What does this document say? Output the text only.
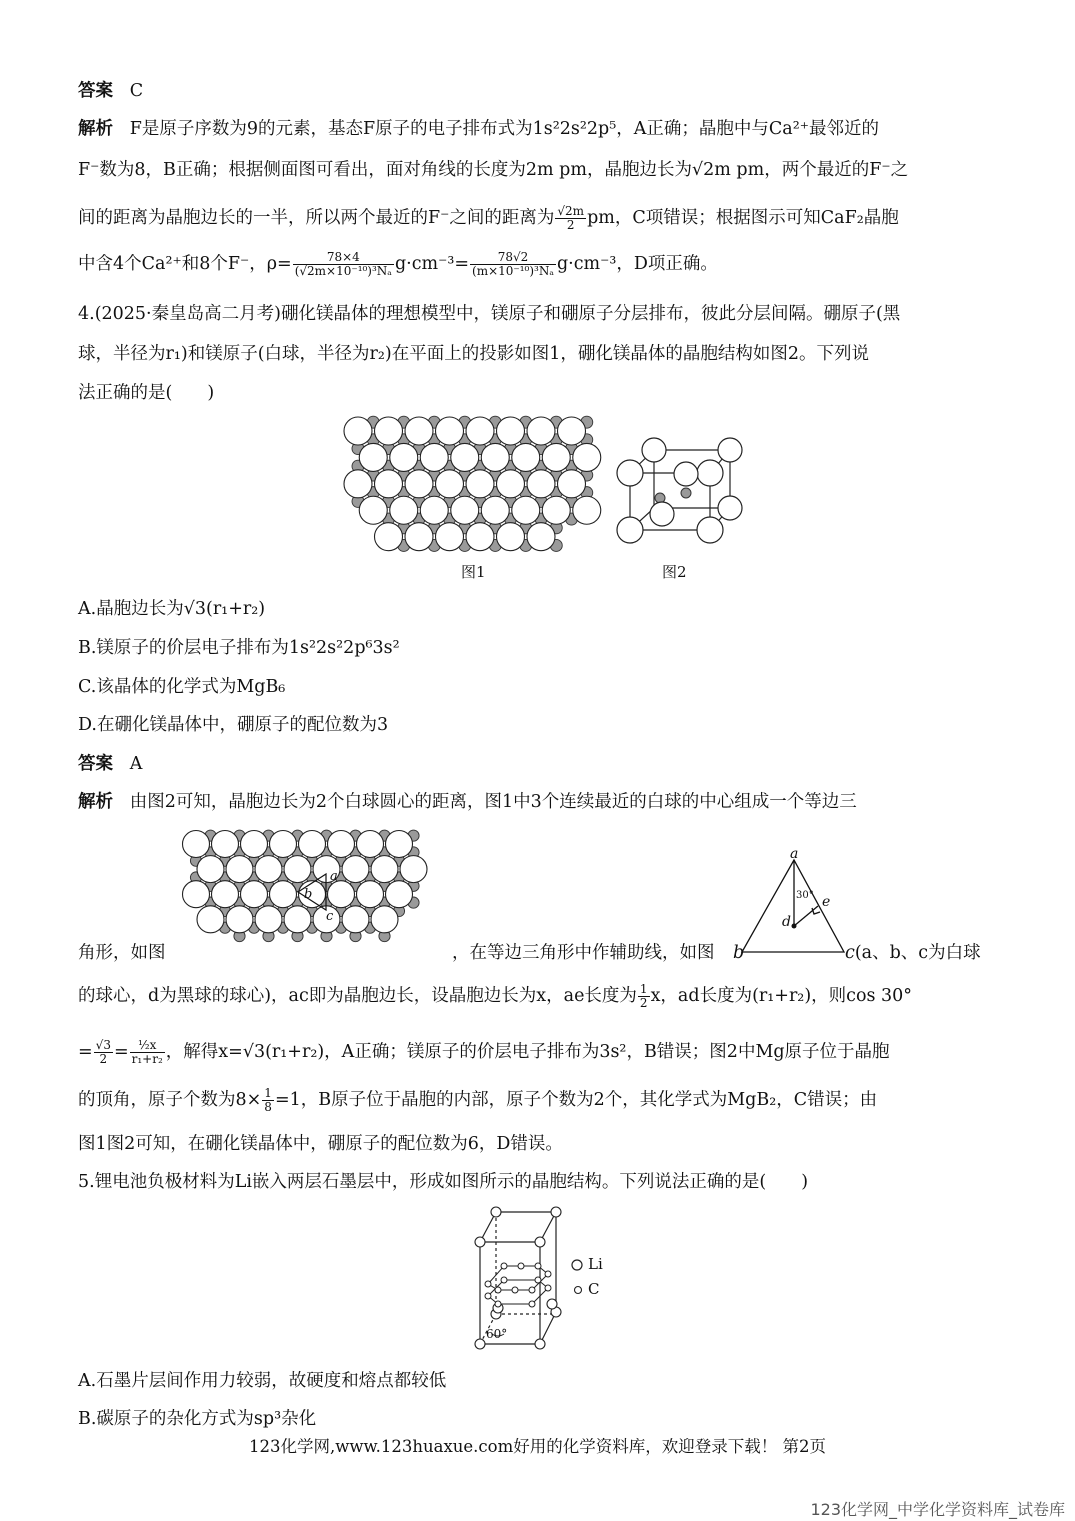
答案 C
解析 F是原子序数为9的元素，基态F原子的电子排布式为1s²2s²2p⁵，A正确；晶胞中与Ca²⁺最邻近的
F⁻数为8，B正确；根据侧面图可看出，面对角线的长度为2m pm，晶胞边长为√2m pm，两个最近的F⁻之
间的距离为晶胞边长的一半，所以两个最近的F⁻之间的距离为 $\frac{√2m}{2}$ pm，C项错误；根据图示可知CaF₂晶胞
中含4个Ca²⁺和8个F⁻，$\rho= \frac{78\times 4}{\text{(√2m×10⁻¹⁰)³Nₐ}} g\cdot cm^{-3}= \frac{78√2}{\text{(m×10⁻¹⁰)³Nₐ}} g\cdot cm^{-3}$，D项正确。
4.(2025·秦皇岛高二月考)硼化镁晶体的理想模型中，镁原子和硼原子分层排布，彼此分层间隔。硼原子(黑
球，半径为r₁)和镁原子(白球，半径为r₂)在平面上的投影如图1，硼化镁晶体的晶胞结构如图2。下列说
法正确的是(　　)
图1	图2
A.晶胞边长为√3(r₁+r₂)
B.镁原子的价层电子排布为1s²2s²2p⁶3s²
C.该晶体的化学式为MgB₆
D.在硼化镁晶体中，硼原子的配位数为3
答案 A
解析 由图2可知，晶胞边长为2个白球圆心的距离，图1中3个连续最近的白球的中心组成一个等边三
a
b
c
角形，如图	，在等边三角形中作辅助线，如图
a
d
e
30°
b	c(a、b、c为白球
的球心，d为黑球的球心)，ac即为晶胞边长，设晶胞边长为x，ae长度为 $\frac{1}{2}$ x，ad长度为(r₁+r₂)，则cos 30°
= $\frac{√3}{2} = \frac{\text{½x}}{\text{r₁+r₂}}$ ，解得x=√3(r₁+r₂)，A正确；镁原子的价层电子排布为3s²，B错误；图2中Mg原子位于晶胞
的顶角，原子个数为$8\times \frac{1}{8} =1$，B原子位于晶胞的内部，原子个数为2个，其化学式为MgB₂，C错误；由
图1图2可知，在硼化镁晶体中，硼原子的配位数为6，D错误。
5.锂电池负极材料为Li嵌入两层石墨层中，形成如图所示的晶胞结构。下列说法正确的是(　　)
60°
Li
C
A.石墨片层间作用力较弱，故硬度和熔点都较低
B.碳原子的杂化方式为sp³杂化
123化学网,www.123huaxue.com好用的化学资料库，欢迎登录下载！ 第2页
123化学网_中学化学资料库_试卷库
